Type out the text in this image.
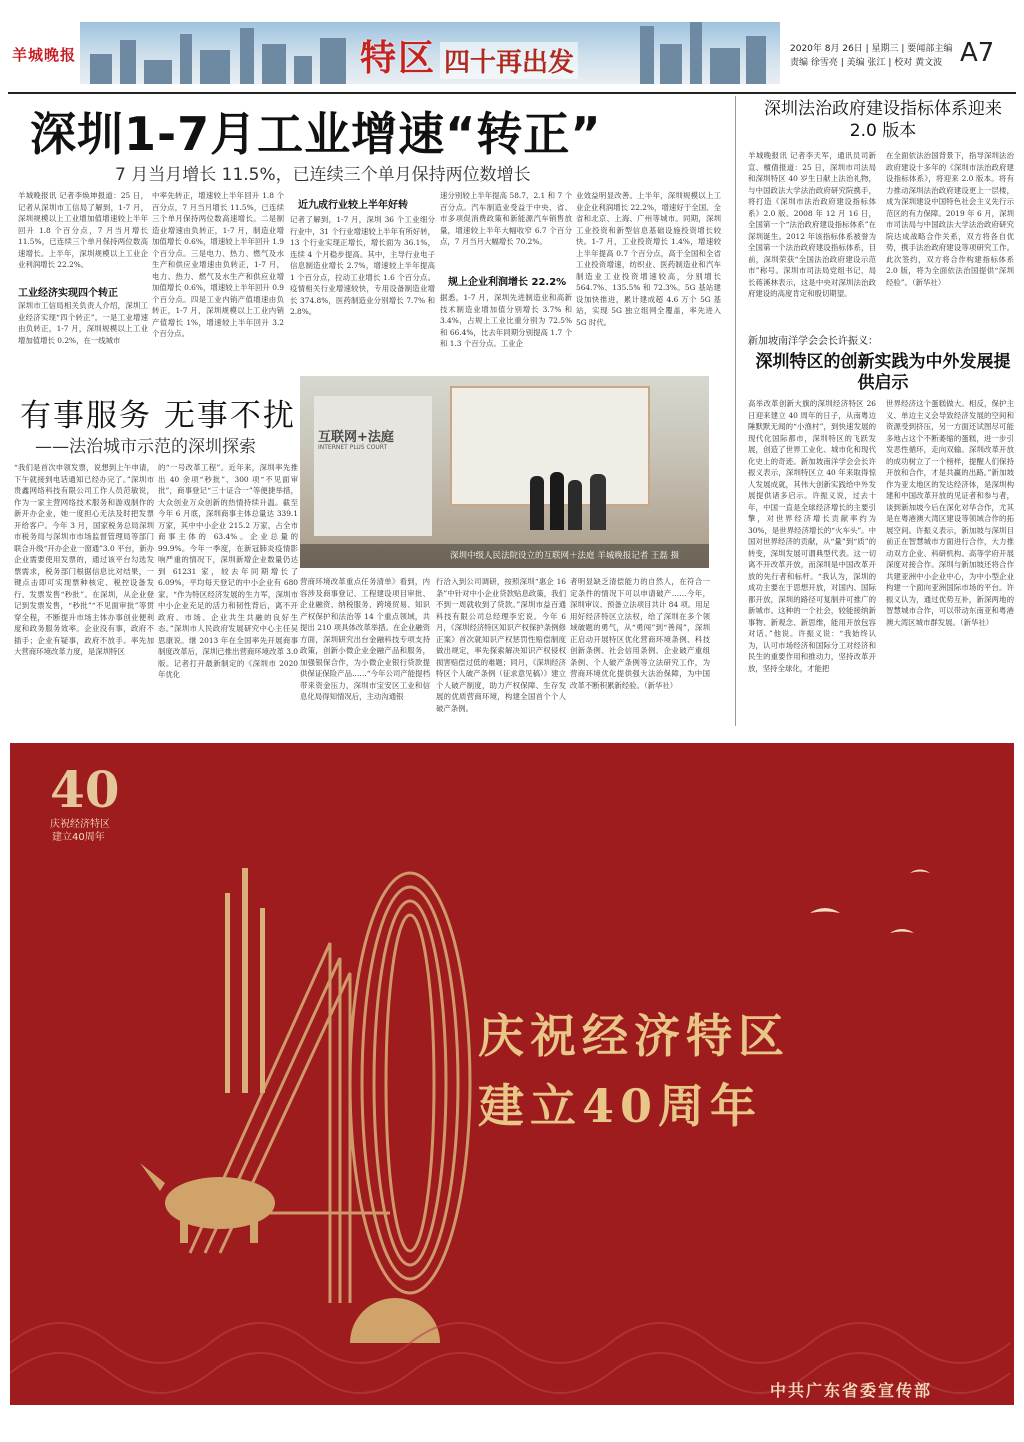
羊城晚报	特区 四十再出发	2020年 8月 26日 | 星期三 | 要闻部主编
责编 徐雪亮 | 美编 张江 | 校对 黄文波 A7
深圳1-7月工业增速“转正”
7 月当月增长 11.5%，已连续三个单月保持两位数增长
羊城晚报讯 记者李焕坤报道：25 日，记者从深圳市工信局了解到，1-7 月，深圳规模以上工业增加值增速较上半年回升 1.8 个百分点，7 月当月增长 11.5%，已连续三个单月保持两位数高速增长。上半年，深圳规模以上工业企业利润增长 22.2%。
工业经济实现四个转正
深圳市工信局相关负责人介绍，深圳工业经济实现“四个转正”。一是工业增速由负转正，1-7 月，深圳规模以上工业增加值增长 0.2%，在一线城市
中率先转正，增速较上半年回升 1.8 个百分点，7 月当月增长 11.5%，已连续三个单月保持两位数高速增长。二是制造业增速由负转正，1-7 月，制造业增加值增长 0.6%，增速较上半年回升 1.9 个百分点。三是电力、热力、燃气及水生产和供应业增速由负转正，1-7 月，电力、热力、燃气及水生产和供应业增加值增长 0.6%，增速较上半年回升 0.9 个百分点。四是工业内销产值增速由负转正，1-7 月，深圳规模以上工业内销产值增长 1%，增速较上半年回升 3.2 个百分点。
近九成行业较上半年好转
记者了解到，1-7 月，深圳 36 个工业细分行业中，31 个行业增速较上半年有所好转，13 个行业实现正增长，增长面为 36.1%，连续 4 个月稳步提高。其中，主导行业电子信息制造业增长 2.7%，增速较上半年提高 1 个百分点，拉动工业增长 1.6 个百分点。疫情相关行业增速较快，专用设备制造业增长 374.8%，医药制造业分别增长 7.7% 和 2.8%。
速分别较上半年提高 58.7、2.1 和 7 个百分点。汽车制造业受益于中央、省、市多项促消费政策和新能源汽车销售放量，增速较上半年大幅收窄 6.7 个百分点，7 月当月大幅增长 70.2%。
规上企业利润增长 22.2%
据悉，1-7 月，深圳先进制造业和高新技术制造业增加值分别增长 3.7% 和 3.4%，占规上工业比重分别为 72.5% 和 66.4%，比去年同期分别提高 1.7 个和 1.3 个百分点。工业企
业效益明显改善。上半年，深圳规模以上工业企业利润增长 22.2%，增速好于全国、全省和北京、上海、广州等城市。同期，深圳工业投资和新型信息基础设施投资增长较快。1-7 月，工业投资增长 1.4%，增速较上半年提高 0.7 个百分点，高于全国和全省工业投资增速，纺织业、医药制造业和汽车制造业工业投资增速较高，分别增长 564.7%、135.5% 和 72.3%。5G 基站建设加快推进，累计建成超 4.6 万个 5G 基站，实现 5G 独立组网全覆盖，率先进入 5G 时代。
深圳法治政府建设指标体系迎来 2.0 版本
羊城晚报讯 记者李天军，通讯员司新宣、檀倩报道：25 日，深圳市司法局和深圳特区 40 岁生日献上法治礼物，与中国政法大学法治政府研究院携手，将打造《深圳市法治政府建设指标体系》2.0 版。2008 年 12 月 16 日，全国第一个“法治政府建设指标体系”在深圳诞生。2012 年该指标体系被誉为全国第一个法治政府建设指标体系，目前，深圳荣获“全国法治政府建设示范市”称号。深圳市司法局党组书记、局长蒋溪林表示，这是中央对深圳法治政府建设的高度肯定和殷切期望。
在全面依法治国背景下，指导深圳法治政府建设十多年的《深圳市法治政府建设指标体系》，将迎来 2.0 版本。将有力推动深圳法治政府建设更上一层楼，成为深圳建设中国特色社会主义先行示范区的有力保障。2019 年 6 月，深圳市司法局与中国政法大学法治政府研究院达成战略合作关系，双方将各自优势，携手法治政府建设等项研究工作。此次签约，双方将合作构建指标体系 2.0 版，将为全面依法治国提供“深圳经验”。（新华社）
有事服务 无事不扰
——法治城市示范的深圳探索	互联网+法庭
INTERNET PLUS COURT
深圳中级人民法院设立的互联网＋法庭 羊城晚报记者 王磊 摄
“我们是首次申领发票，说想到上午申请，下午就接到电话通知已经办完了。”深圳市贵鑫网络科技有限公司工作人员范敏说，作为一家主营网络技术服务和游戏制作的新开办企业，她一度担心无法及时把发票开给客户。今年 3 月，国家税务总局深圳市税务局与深圳市市场监督管理局等部门联合升级“开办企业一窗通”3.0 平台，新办企业需要使用发票的，通过该平台勾选发票需求，税务部门根据信息比对结果，一键点击即可实现票种核定、税控设备发行、发票发售“秒批”。在深圳，从企业登记到发票发售，“秒批”“不见面审批”等贯穿全程，不断提升市场主体办事创业便利度和政务服务效率。企业没有事，政府不插手；企业有疑事，政府不放手。率先加大营商环境改革力度，是深圳特区
的“一号改革工程”。近年来，深圳率先推出 40 余项“秒批”、300 项“不见面审批”，商事登记“三十证合一”等便捷举措，大众创业万众创新的热情持续升温。截至今年 6 月底，深圳商事主体总量达 339.1 万家，其中中小企业 215.2 万家，占全市商事主体的 63.4%。企业总量的 99.9%。今年一季度，在新冠肺炎疫情影响严重的情况下，深圳新增企业数量仍达到 61231 家，较去年同期增长了 6.09%，平均每天登记的中小企业有 680 家。“作为特区经济发展的生力军，深圳市中小企业充足的活力和韧性背后，离不开政府、市场、企业共生共融的良好生态。”深圳市人民政府发展研究中心主任吴思康说。继 2013 年在全国率先开展商事制度改革后，深圳已推出营商环境改革 3.0 版。记者打开最新制定的《深圳市 2020 年优化
营商环境改革重点任务清单》看到，内容涉及商事登记、工程建设项目审批、企业融资、纳税服务、跨境贸易、知识产权保护和法治等 14 个重点领域，共提出 210 项具体改革举措。在企业融资方面，深圳研究出台金融科技专项支持政策，创新小微企业金融产品和服务，加强银保合作，为小微企业银行贷款提供保证保险产品……“今年公司产能提档带来资金压力，深圳市宝安区工业和信息化局得知情况后，主动沟通银
行洽入到公司调研，按照深圳“惠企 16 条”中针对中小企业贷款贴息政策，我们不到一周就收到了贷款。”深圳市益百通科技有限公司总经理李宏说。今年 6 月，《深圳经济特区知识产权保护条例修正案》首次就知识产权惩罚性赔偿制度做出规定，率先探索解决知识产权侵权损害赔偿过低的难题；同月，《深圳经济特区个人破产条例（征求意见稿）》建立个人破产制度，助力产权保障、生存发展的优质营商环境，构建全国首个个人破产条例。
者明显缺乏清偿能力的自然人，在符合一定条件的情况下可以申请破产……今年，深圳审议、预备立法项目共计 84 项。用足用好经济特区立法权，给了深圳在多个领域破题的勇气，从“勇闯”到“善闯”，深圳正启动开展特区优化营商环境条例、科技创新条例、社会信用条例、企业破产重组条例、个人破产条例等立法研究工作，为营商环境优化提供强大法治保障，为中国改革不断积累新经验。（新华社）
新加坡南洋学会会长许振义：
深圳特区的创新实践为中外发展提供启示
高举改革创新大旗的深圳经济特区 26 日迎来建立 40 周年的日子，从南粤边陲默默无闻的“小渔村”，到快速发展的现代化国际都市，深圳特区的飞跃发展，创造了世界工业化、城市化和现代化史上的奇迹。新加坡南洋学会会长许振义表示，深圳特区立 40 年来取得惊人发展成就，其伟大创新实践给中外发展提供诸多启示。许振义说，过去十年，中国一直是全球经济增长的主要引擎，对世界经济增长贡献率约为 30%，是世界经济增长的“火车头”。中国对世界经济的贡献，从“量”到“质”的转变，深圳发展可谓典型代表。这一切离不开改革开放，而深圳是中国改革开放的先行者和标杆。“我认为，深圳的成功主要在于思想开放，对国内、国际都开放，深圳的路径可复制并可推广的新城市。这种的一个社会，较能接纳新事物、新观念、新思维，能用开放包容对话。”他说。许振义说：“我始终认为，认可市场经济和国际分工对经济和民生的重要作用和推动力，坚持改革开放，坚持全球化，才能把
世界经济这个蛋糕做大。相反，保护主义、单边主义会导致经济发展的空间和资源受到挤压，另一方面还试图尽可能多地占这个不断萎缩的蛋糕，进一步引发恶性循环，走向双输。深圳改革开放的成功树立了一个榜样，提醒人们保持开放和合作，才是共赢的出路。”新加坡作为亚太地区的发达经济体，是深圳构建和中国改革开放的见证者和参与者，谈到新加坡今后在深化对华合作，尤其是在粤港澳大湾区建设等领域合作的拓展空间。许振义表示，新加坡与深圳目前正在智慧城市方面进行合作，大力推动双方企业、科研机构、高等学府开展深度对接合作。深圳与新加坡还将合作共建亚洲中小企业中心，为中小型企业构建一个面向亚洲国际市场的平台。许振义认为，通过优势互补，新深两地的智慧城市合作，可以带动东南亚和粤港澳大湾区城市群发展。（新华社）
40
庆祝经济特区
建立40周年
庆祝经济特区
建立40周年
中共广东省委宣传部
